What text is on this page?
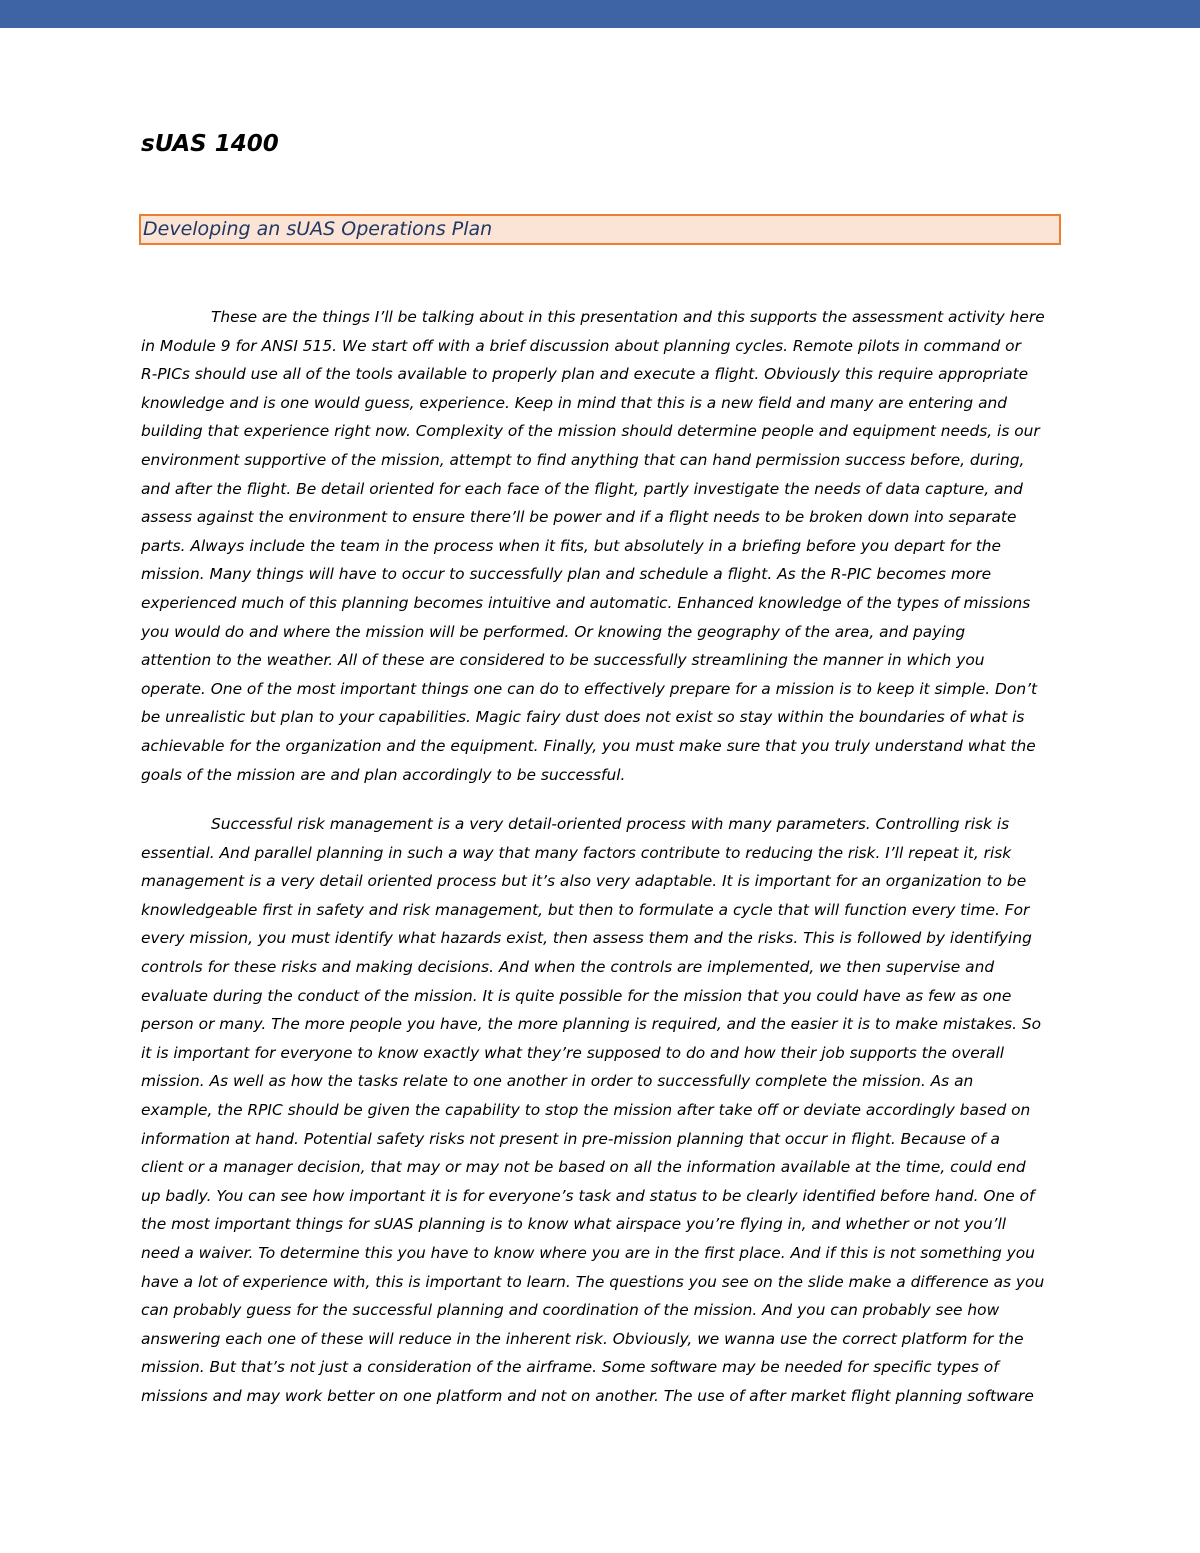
sUAS 1400
Developing an sUAS Operations Plan

These are the things I’ll be talking about in this presentation and this supports the assessment activity here
in Module 9 for ANSI 515. We start off with a brief discussion about planning cycles. Remote pilots in command or
R-PICs should use all of the tools available to properly plan and execute a flight. Obviously this require appropriate
knowledge and is one would guess, experience. Keep in mind that this is a new field and many are entering and
building that experience right now. Complexity of the mission should determine people and equipment needs, is our
environment supportive of the mission, attempt to find anything that can hand permission success before, during,
and after the flight. Be detail oriented for each face of the flight, partly investigate the needs of data capture, and
assess against the environment to ensure there’ll be power and if a flight needs to be broken down into separate
parts. Always include the team in the process when it fits, but absolutely in a briefing before you depart for the
mission. Many things will have to occur to successfully plan and schedule a flight. As the R-PIC becomes more
experienced much of this planning becomes intuitive and automatic. Enhanced knowledge of the types of missions
you would do and where the mission will be performed. Or knowing the geography of the area, and paying
attention to the weather. All of these are considered to be successfully streamlining the manner in which you
operate. One of the most important things one can do to effectively prepare for a mission is to keep it simple. Don’t
be unrealistic but plan to your capabilities. Magic fairy dust does not exist so stay within the boundaries of what is
achievable for the organization and the equipment. Finally, you must make sure that you truly understand what the
goals of the mission are and plan accordingly to be successful.

Successful risk management is a very detail-oriented process with many parameters. Controlling risk is
essential. And parallel planning in such a way that many factors contribute to reducing the risk. I’ll repeat it, risk
management is a very detail oriented process but it’s also very adaptable. It is important for an organization to be
knowledgeable first in safety and risk management, but then to formulate a cycle that will function every time. For
every mission, you must identify what hazards exist, then assess them and the risks. This is followed by identifying
controls for these risks and making decisions. And when the controls are implemented, we then supervise and
evaluate during the conduct of the mission. It is quite possible for the mission that you could have as few as one
person or many. The more people you have, the more planning is required, and the easier it is to make mistakes. So
it is important for everyone to know exactly what they’re supposed to do and how their job supports the overall
mission. As well as how the tasks relate to one another in order to successfully complete the mission. As an
example, the RPIC should be given the capability to stop the mission after take off or deviate accordingly based on
information at hand. Potential safety risks not present in pre-mission planning that occur in flight. Because of a
client or a manager decision, that may or may not be based on all the information available at the time, could end
up badly. You can see how important it is for everyone’s task and status to be clearly identified before hand. One of
the most important things for sUAS planning is to know what airspace you’re flying in, and whether or not you’ll
need a waiver. To determine this you have to know where you are in the first place. And if this is not something you
have a lot of experience with, this is important to learn. The questions you see on the slide make a difference as you
can probably guess for the successful planning and coordination of the mission. And you can probably see how
answering each one of these will reduce in the inherent risk. Obviously, we wanna use the correct platform for the
mission. But that’s not just a consideration of the airframe. Some software may be needed for specific types of
missions and may work better on one platform and not on another. The use of after market flight planning software
